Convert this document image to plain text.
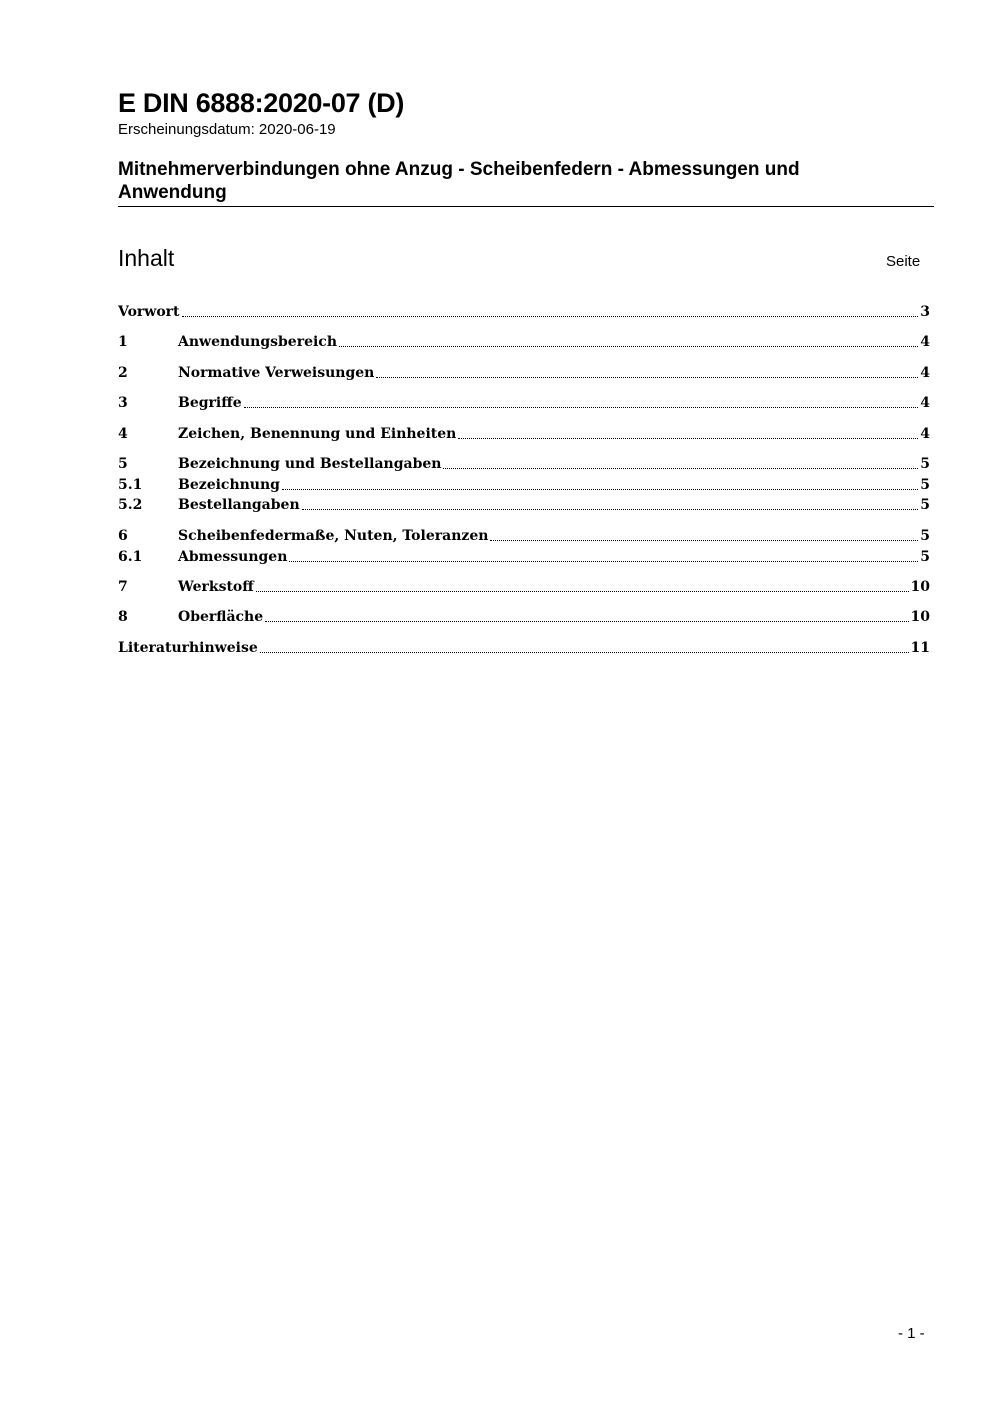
E DIN 6888:2020-07 (D)
Erscheinungsdatum: 2020-06-19
Mitnehmerverbindungen ohne Anzug - Scheibenfedern - Abmessungen und Anwendung
Inhalt	Seite
Vorwort	3
1	Anwendungsbereich	4
2	Normative Verweisungen	4
3	Begriffe	4
4	Zeichen, Benennung und Einheiten	4
5	Bezeichnung und Bestellangaben	5
5.1	Bezeichnung	5
5.2	Bestellangaben	5
6	Scheibenfedermaße, Nuten, Toleranzen	5
6.1	Abmessungen	5
7	Werkstoff	10
8	Oberfläche	10
Literaturhinweise	11
- 1 -
